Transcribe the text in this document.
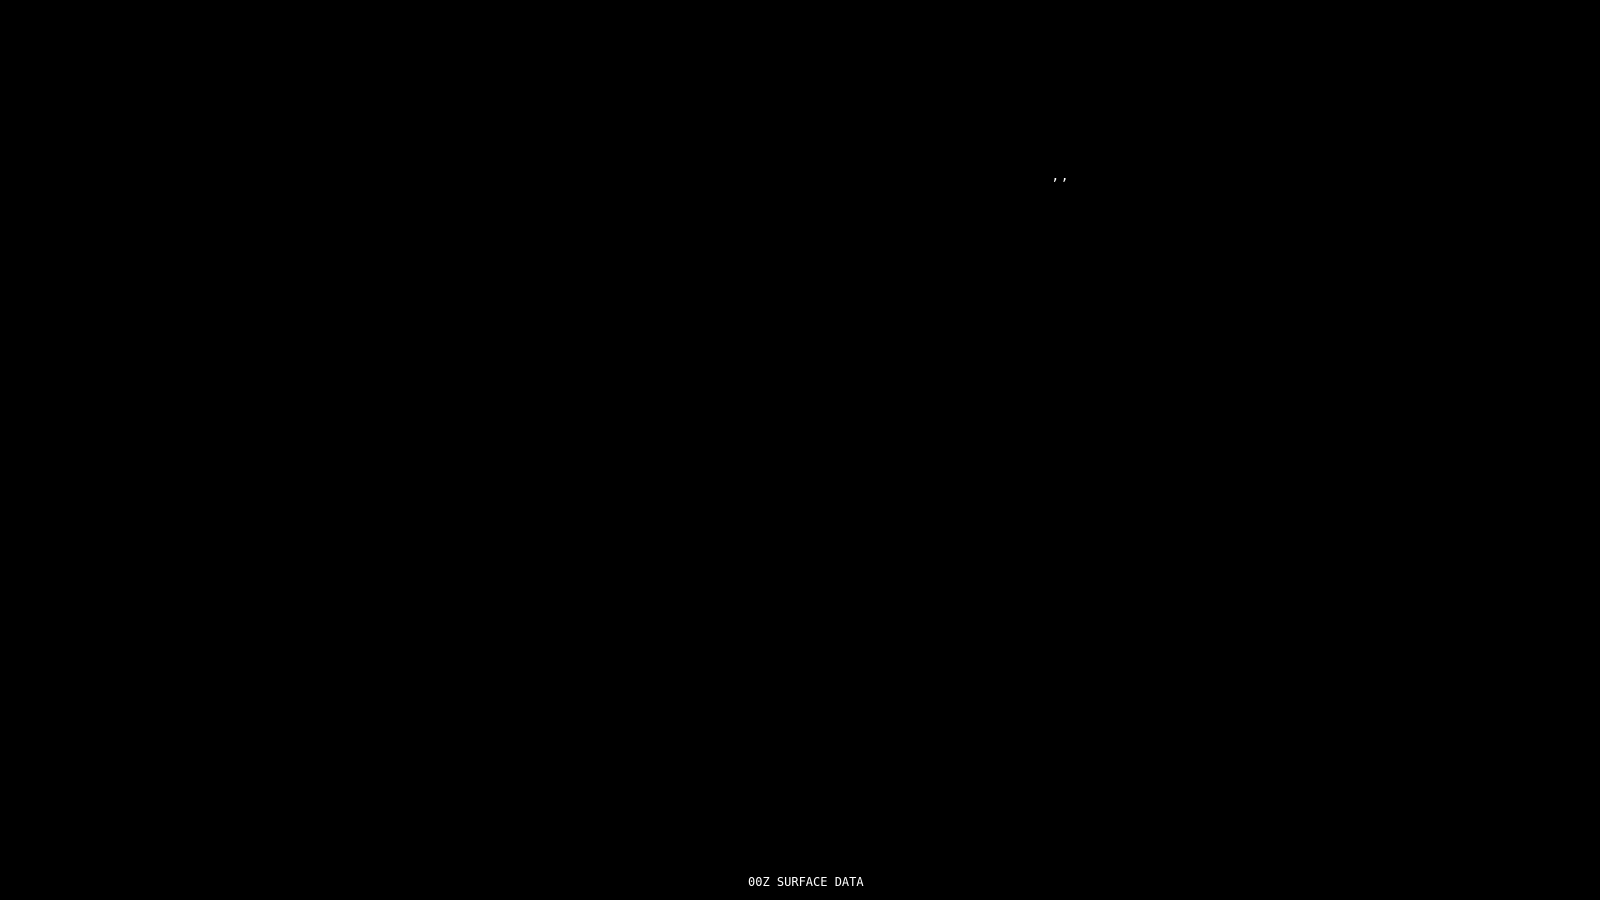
’’
00Z SURFACE DATA
